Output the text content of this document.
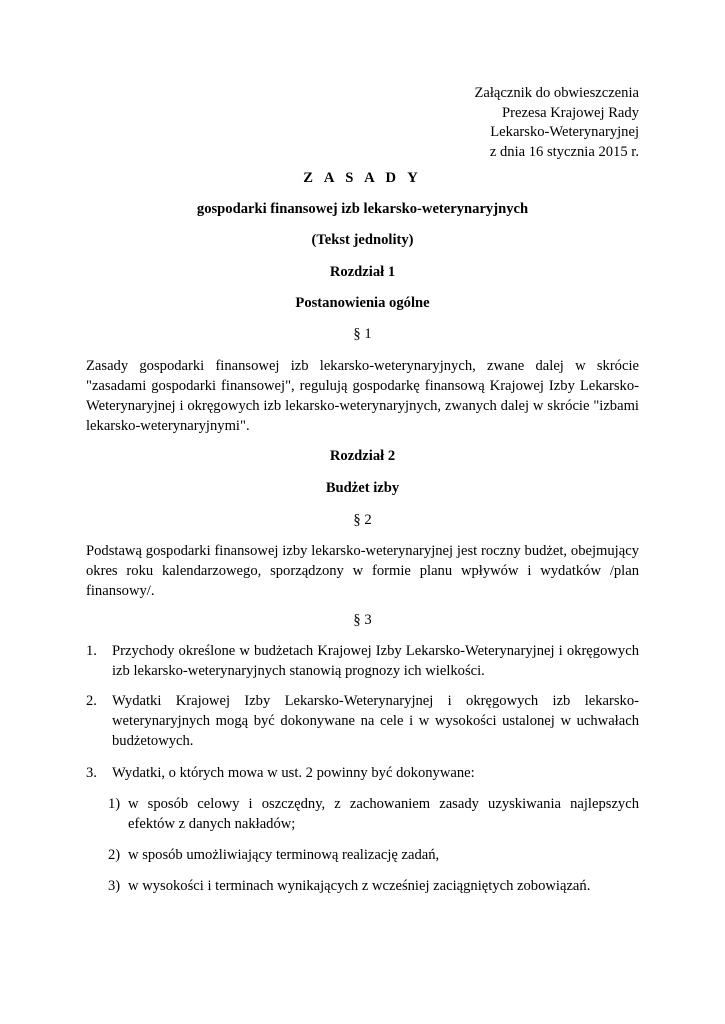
Załącznik do obwieszczenia
Prezesa Krajowej Rady
Lekarsko-Weterynaryjnej
z dnia 16 stycznia 2015 r.
Z A S A D Y
gospodarki finansowej izb lekarsko-weterynaryjnych
(Tekst jednolity)
Rozdział 1
Postanowienia ogólne
§ 1
Zasady gospodarki finansowej izb lekarsko-weterynaryjnych, zwane dalej w skrócie "zasadami gospodarki finansowej", regulują gospodarkę finansową Krajowej Izby Lekarsko-Weterynaryjnej i okręgowych izb lekarsko-weterynaryjnych, zwanych dalej w skrócie "izbami lekarsko-weterynaryjnymi".
Rozdział 2
Budżet izby
§ 2
Podstawą gospodarki finansowej izby lekarsko-weterynaryjnej jest roczny budżet, obejmujący okres roku kalendarzowego, sporządzony w formie planu wpływów i wydatków /plan finansowy/.
§ 3
1. Przychody określone w budżetach Krajowej Izby Lekarsko-Weterynaryjnej i okręgowych izb lekarsko-weterynaryjnych stanowią prognozy ich wielkości.
2. Wydatki Krajowej Izby Lekarsko-Weterynaryjnej i okręgowych izb lekarsko-weterynaryjnych mogą być dokonywane na cele i w wysokości ustalonej w uchwałach budżetowych.
3. Wydatki, o których mowa w ust. 2 powinny być dokonywane:
1) w sposób celowy i oszczędny, z zachowaniem zasady uzyskiwania najlepszych efektów z danych nakładów;
2) w sposób umożliwiający terminową realizację zadań,
3) w wysokości i terminach wynikających z wcześniej zaciągniętych zobowiązań.
